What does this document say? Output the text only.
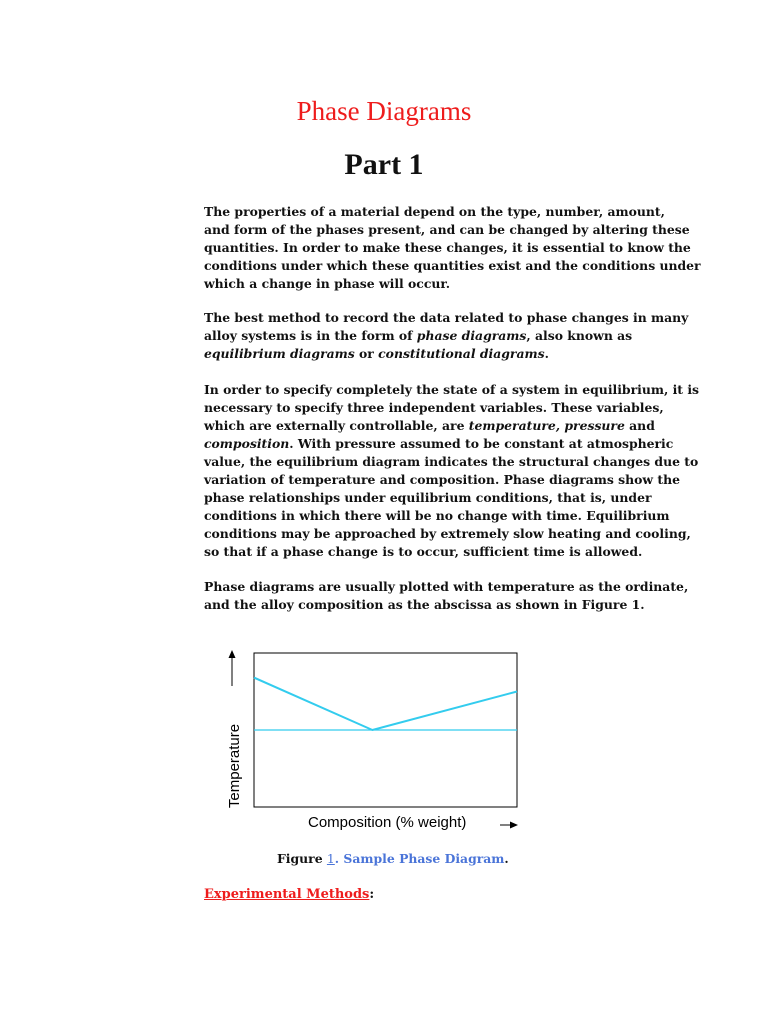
Phase Diagrams
Part 1
The properties of a material depend on the type, number, amount,
and form of the phases present, and can be changed by altering these
quantities. In order to make these changes, it is essential to know the
conditions under which these quantities exist and the conditions under
which a change in phase will occur.
The best method to record the data related to phase changes in many
alloy systems is in the form of phase diagrams, also known as
equilibrium diagrams or constitutional diagrams.
In order to specify completely the state of a system in equilibrium, it is
necessary to specify three independent variables. These variables,
which are externally controllable, are temperature, pressure and
composition. With pressure assumed to be constant at atmospheric
value, the equilibrium diagram indicates the structural changes due to
variation of temperature and composition. Phase diagrams show the
phase relationships under equilibrium conditions, that is, under
conditions in which there will be no change with time. Equilibrium
conditions may be approached by extremely slow heating and cooling,
so that if a phase change is to occur, sufficient time is allowed.
Phase diagrams are usually plotted with temperature as the ordinate,
and the alloy composition as the abscissa as shown in Figure 1.
Temperature
Composition (% weight)
Figure 1. Sample Phase Diagram.
Experimental Methods:
